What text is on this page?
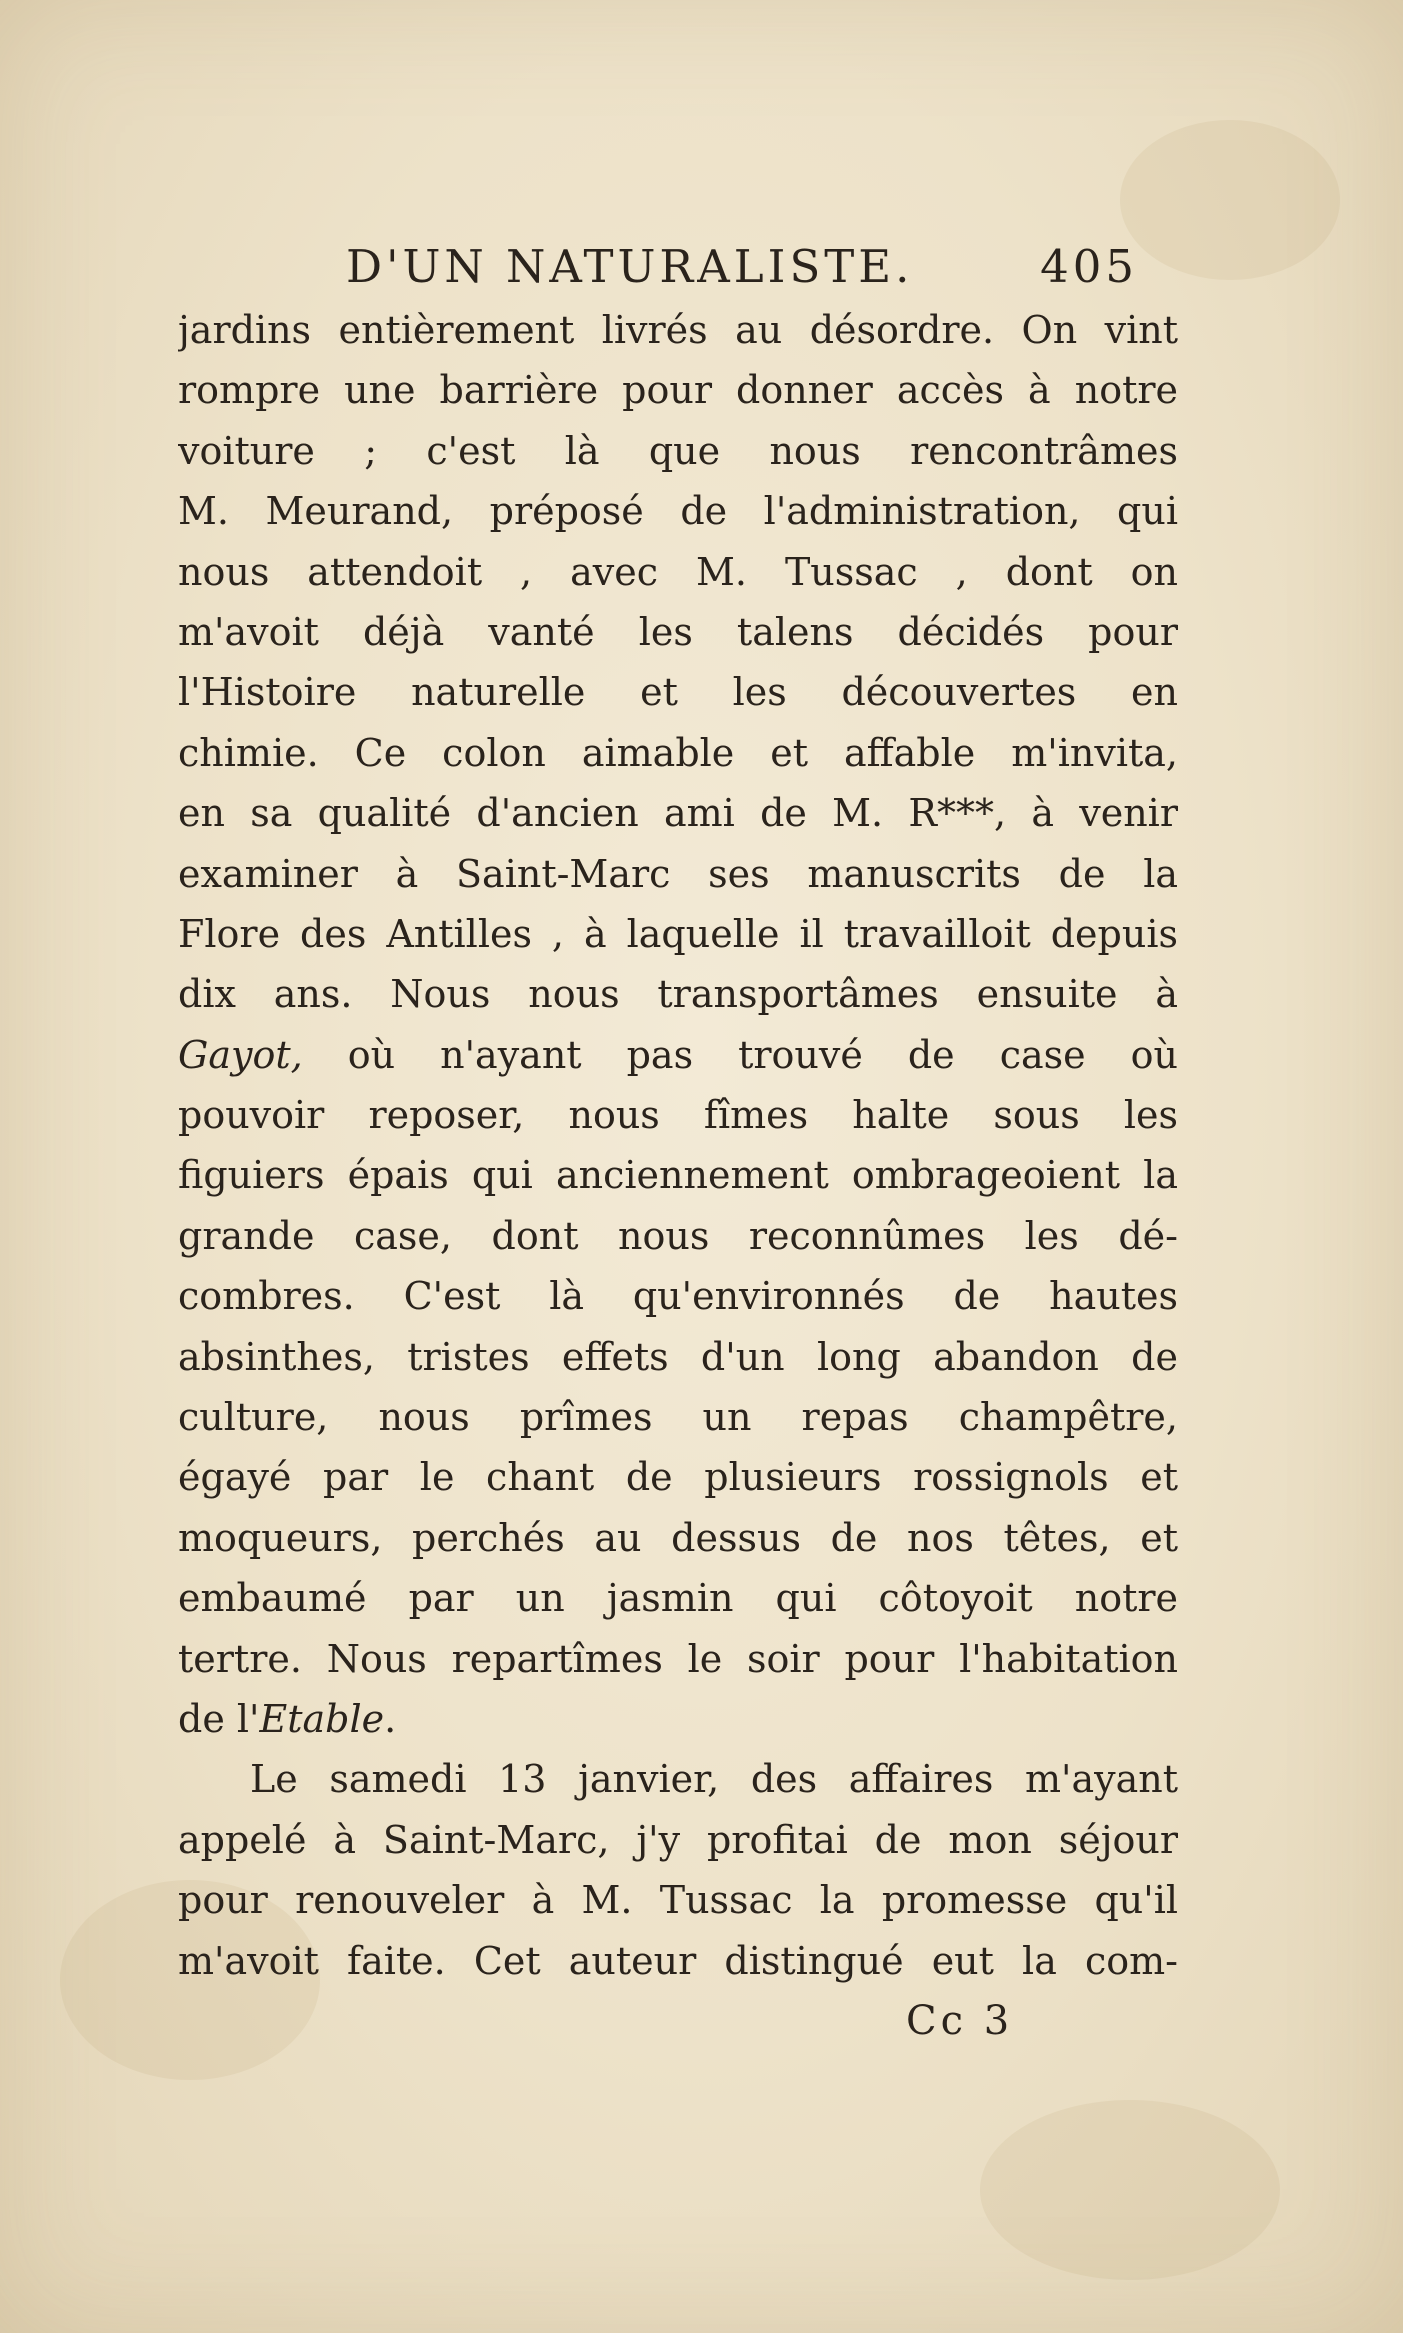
D'UN NATURALISTE.	405
jardins entièrement livrés au désordre. On vint
rompre une barrière pour donner accès à notre
voiture ; c'est là que nous rencontrâmes
M. Meurand, préposé de l'administration, qui
nous attendoit , avec M. Tussac , dont on
m'avoit déjà vanté les talens décidés pour
l'Histoire naturelle et les découvertes en
chimie. Ce colon aimable et affable m'invita,
en sa qualité d'ancien ami de M. R***, à venir
examiner à Saint-Marc ses manuscrits de la
Flore des Antilles , à laquelle il travailloit depuis
dix ans. Nous nous transportâmes ensuite à
Gayot, où n'ayant pas trouvé de case où
pouvoir reposer, nous fîmes halte sous les
figuiers épais qui anciennement ombrageoient la
grande case, dont nous reconnûmes les dé-
combres. C'est là qu'environnés de hautes
absinthes, tristes effets d'un long abandon de
culture, nous prîmes un repas champêtre,
égayé par le chant de plusieurs rossignols et
moqueurs, perchés au dessus de nos têtes, et
embaumé par un jasmin qui côtoyoit notre
tertre. Nous repartîmes le soir pour l'habitation
de l'Etable.
Le samedi 13 janvier, des affaires m'ayant
appelé à Saint-Marc, j'y profitai de mon séjour
pour renouveler à M. Tussac la promesse qu'il
m'avoit faite. Cet auteur distingué eut la com-
Cc 3
